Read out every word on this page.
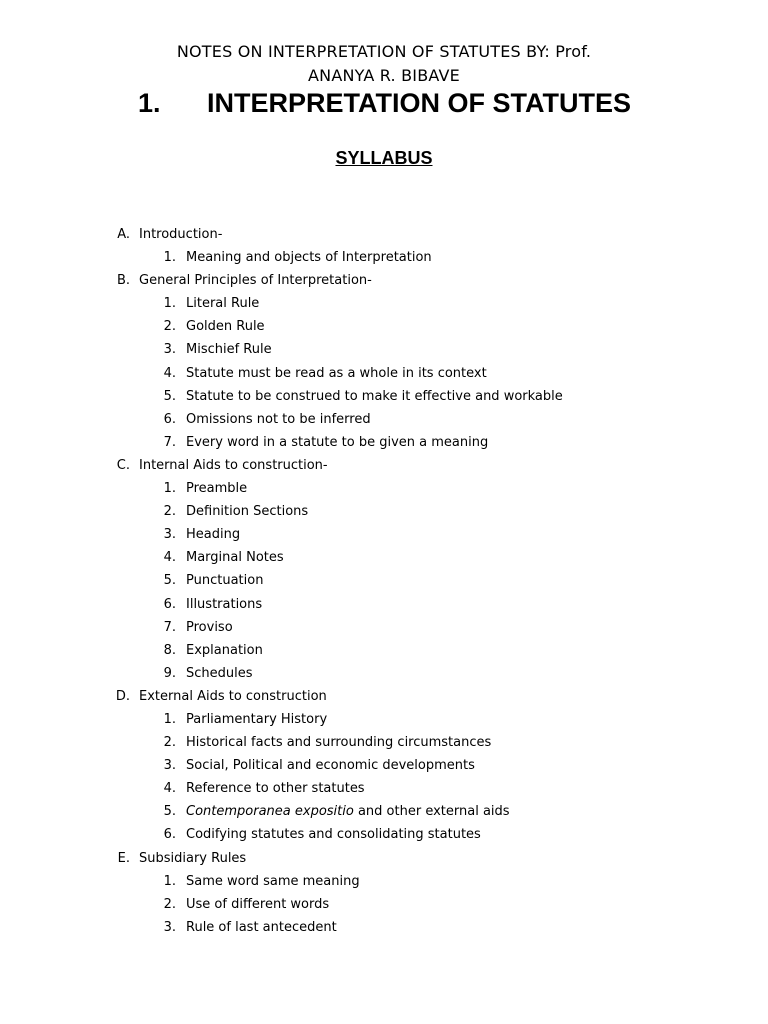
NOTES ON INTERPRETATION OF STATUTES BY: Prof.
ANANYA R. BIBAVE
1. INTERPRETATION OF STATUTES
SYLLABUS
A. Introduction-
1. Meaning and objects of Interpretation
B. General Principles of Interpretation-
1. Literal Rule
2. Golden Rule
3. Mischief Rule
4. Statute must be read as a whole in its context
5. Statute to be construed to make it effective and workable
6. Omissions not to be inferred
7. Every word in a statute to be given a meaning
C. Internal Aids to construction-
1. Preamble
2. Definition Sections
3. Heading
4. Marginal Notes
5. Punctuation
6. Illustrations
7. Proviso
8. Explanation
9. Schedules
D. External Aids to construction
1. Parliamentary History
2. Historical facts and surrounding circumstances
3. Social, Political and economic developments
4. Reference to other statutes
5. Contemporanea expositio and other external aids
6. Codifying statutes and consolidating statutes
E. Subsidiary Rules
1. Same word same meaning
2. Use of different words
3. Rule of last antecedent
